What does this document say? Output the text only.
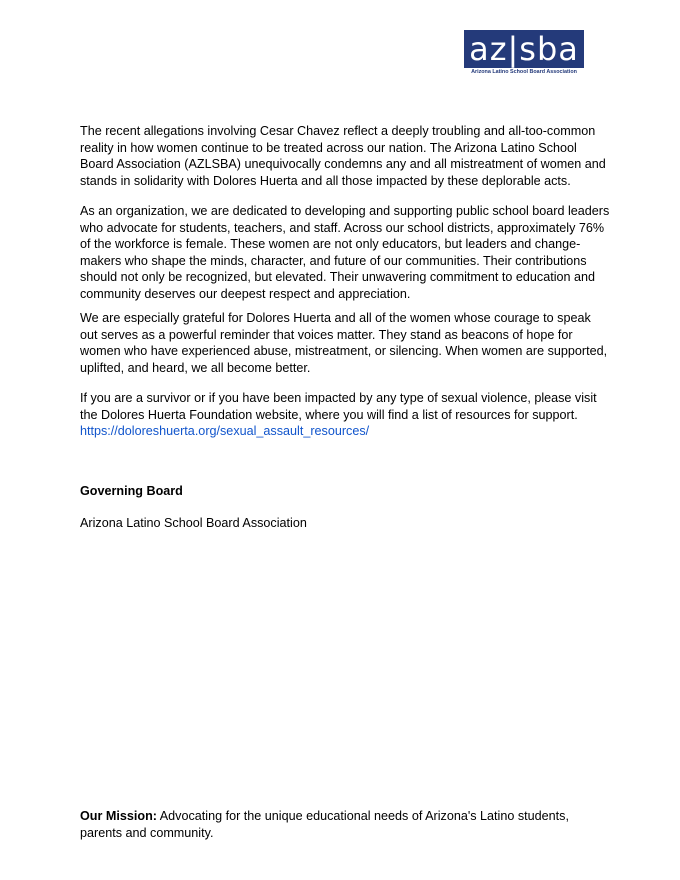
az|sba
Arizona Latino School Board Association

The recent allegations involving Cesar Chavez reflect a deeply troubling and all-too-common reality in how women continue to be treated across our nation. The Arizona Latino School Board Association (AZLSBA) unequivocally condemns any and all mistreatment of women and stands in solidarity with Dolores Huerta and all those impacted by these deplorable acts.

As an organization, we are dedicated to developing and supporting public school board leaders who advocate for students, teachers, and staff. Across our school districts, approximately 76% of the workforce is female. These women are not only educators, but leaders and change-makers who shape the minds, character, and future of our communities. Their contributions should not only be recognized, but elevated. Their unwavering commitment to education and community deserves our deepest respect and appreciation.

We are especially grateful for Dolores Huerta and all of the women whose courage to speak out serves as a powerful reminder that voices matter. They stand as beacons of hope for women who have experienced abuse, mistreatment, or silencing. When women are supported, uplifted, and heard, we all become better.

If you are a survivor or if you have been impacted by any type of sexual violence, please visit the Dolores Huerta Foundation website, where you will find a list of resources for support. https://doloreshuerta.org/sexual_assault_resources/

Governing Board

Arizona Latino School Board Association

Our Mission: Advocating for the unique educational needs of Arizona's Latino students, parents and community.
